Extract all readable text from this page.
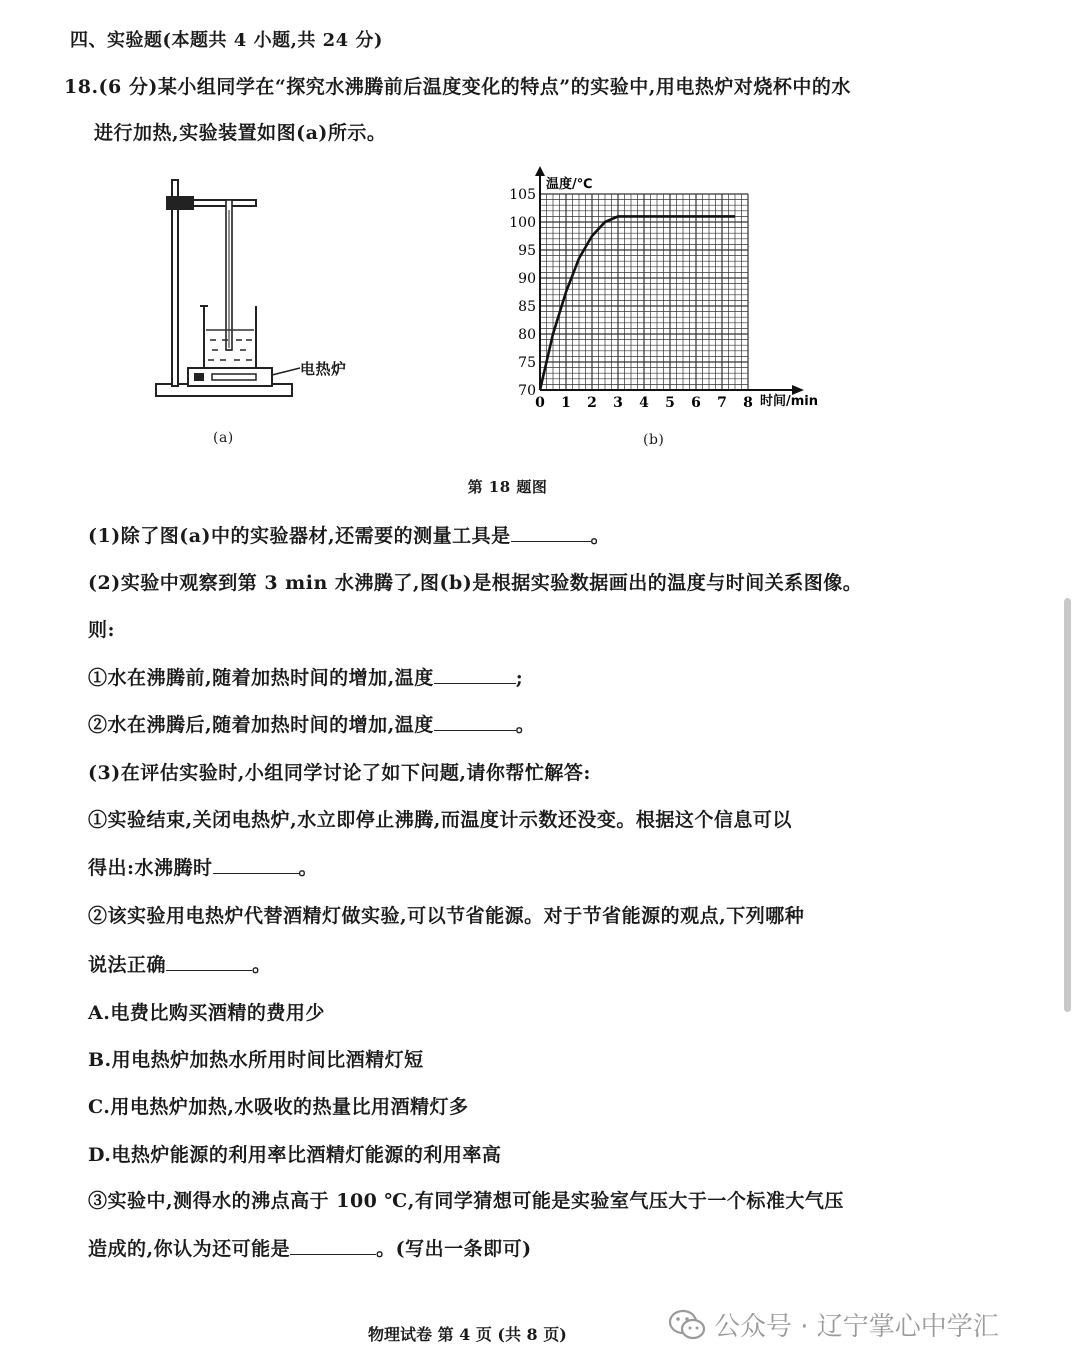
四、实验题(本题共 4 小题,共 24 分)
18.(6 分)某小组同学在“探究水沸腾前后温度变化的特点”的实验中,用电热炉对烧杯中的水
进行加热,实验装置如图(a)所示。
电热炉
(a)
70
75
80
85
90
95
100
105
0 1 2 3 4 5 6 7 8
温度/℃
时间/min
(b)
第 18 题图
(1)除了图(a)中的实验器材,还需要的测量工具是	。
(2)实验中观察到第 3 min 水沸腾了,图(b)是根据实验数据画出的温度与时间关系图像。
则:
①水在沸腾前,随着加热时间的增加,温度	;
②水在沸腾后,随着加热时间的增加,温度	。
(3)在评估实验时,小组同学讨论了如下问题,请你帮忙解答:
①实验结束,关闭电热炉,水立即停止沸腾,而温度计示数还没变。根据这个信息可以
得出:水沸腾时	。
②该实验用电热炉代替酒精灯做实验,可以节省能源。对于节省能源的观点,下列哪种
说法正确	。
A.电费比购买酒精的费用少
B.用电热炉加热水所用时间比酒精灯短
C.用电热炉加热,水吸收的热量比用酒精灯多
D.电热炉能源的利用率比酒精灯能源的利用率高
③实验中,测得水的沸点高于 100 ℃,有同学猜想可能是实验室气压大于一个标准大气压
造成的,你认为还可能是	。(写出一条即可)
物理试卷 第 4 页 (共 8 页)	公众号 · 辽宁掌心中学汇
